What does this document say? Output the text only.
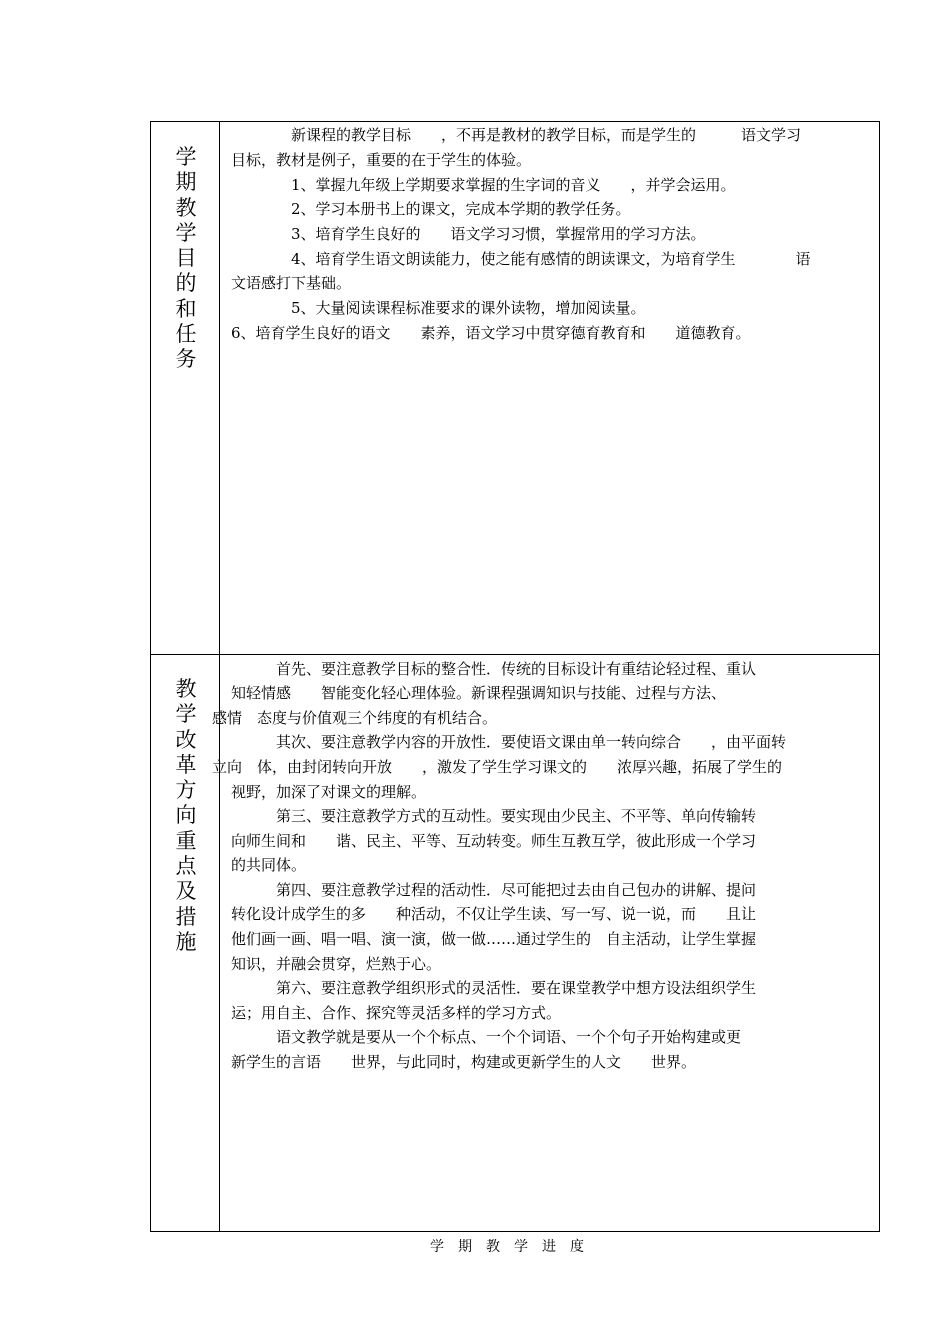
学期教学目的和任务
　　　　新课程的教学目标　　，不再是教材的教学目标，而是学生的　　　语文学习
目标，教材是例子，重要的在于学生的体验。
　　　　1、掌握九年级上学期要求掌握的生字词的音义　　，并学会运用。
　　　　2、学习本册书上的课文，完成本学期的教学任务。
　　　　3、培育学生良好的　　语文学习习惯，掌握常用的学习方法。
　　　　4、培育学生语文朗读能力，使之能有感情的朗读课文，为培育学生　　　　语
文语感打下基础。
　　　　5、大量阅读课程标准要求的课外读物，增加阅读量。
6、培育学生良好的语文　　素养，语文学习中贯穿德育教育和　　道德教育。
教学改革方向重点及措施
　　　首先、要注意教学目标的整合性．传统的目标设计有重结论轻过程、重认
知轻情感　　智能变化轻心理体验。新课程强调知识与技能、过程与方法、
感情　态度与价值观三个纬度的有机结合。
　　　其次、要注意教学内容的开放性．要使语文课由单一转向综合　　，由平面转
立向　体，由封闭转向开放　　，激发了学生学习课文的　　浓厚兴趣，拓展了学生的
视野，加深了对课文的理解。
　　　第三、要注意教学方式的互动性。要实现由少民主、不平等、单向传输转
向师生间和　　谐、民主、平等、互动转变。师生互教互学，彼此形成一个学习
的共同体。
　　　第四、要注意教学过程的活动性．尽可能把过去由自己包办的讲解、提问
转化设计成学生的多　　种活动，不仅让学生读、写一写、说一说，而　　且让
他们画一画、唱一唱、演一演，做一做……通过学生的　自主活动，让学生掌握
知识，并融会贯穿，烂熟于心。
　　　第六、要注意教学组织形式的灵活性．要在课堂教学中想方设法组织学生
运；用自主、合作、探究等灵活多样的学习方式。
　　　语文教学就是要从一个个标点、一个个词语、一个个句子开始构建或更
新学生的言语　　世界，与此同时，构建或更新学生的人文　　世界。
学期教学进度
